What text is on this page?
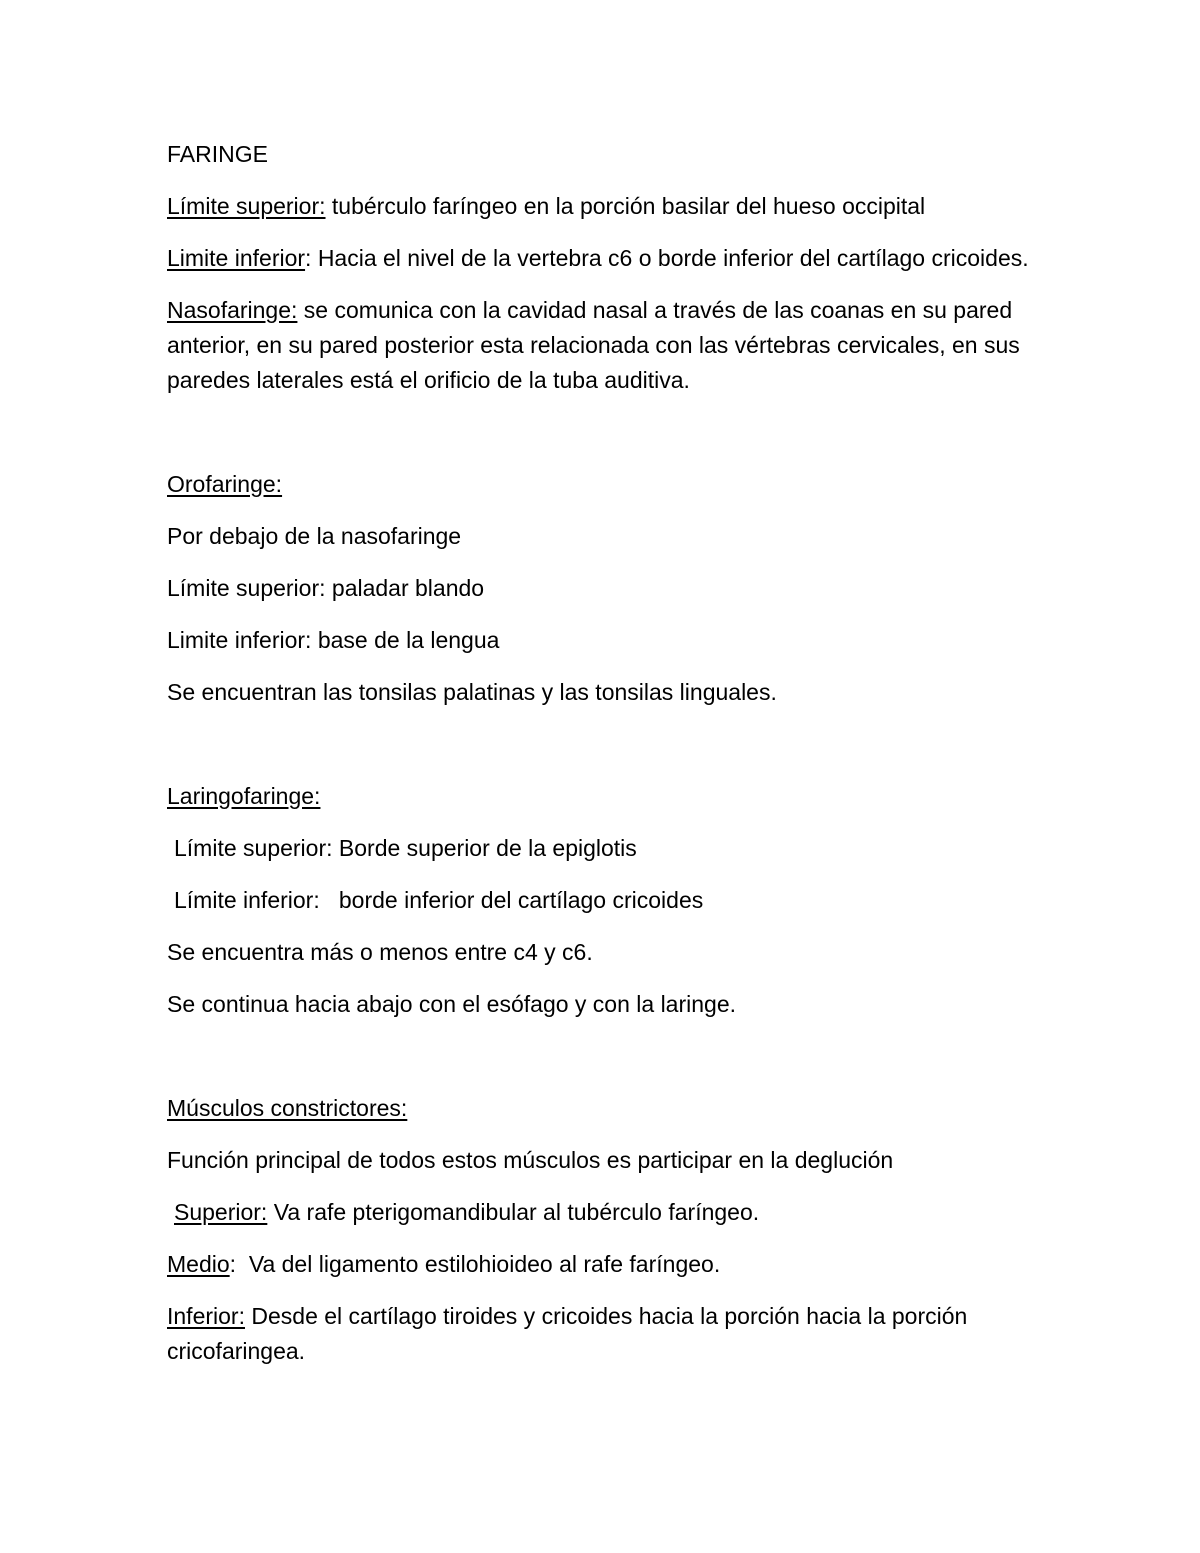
FARINGE

Límite superior: tubérculo faríngeo en la porción basilar del hueso occipital

Limite inferior: Hacia el nivel de la vertebra c6 o borde inferior del cartílago cricoides.

Nasofaringe: se comunica con la cavidad nasal a través de las coanas en su pared anterior, en su pared posterior esta relacionada con las vértebras cervicales, en sus paredes laterales está el orificio de la tuba auditiva.

Orofaringe:

Por debajo de la nasofaringe

Límite superior: paladar blando

Limite inferior: base de la lengua

Se encuentran las tonsilas palatinas y las tonsilas linguales.

Laringofaringe:

Límite superior: Borde superior de la epiglotis

Límite inferior:   borde inferior del cartílago cricoides

Se encuentra más o menos entre c4 y c6.

Se continua hacia abajo con el esófago y con la laringe.

Músculos constrictores:

Función principal de todos estos músculos es participar en la deglución

Superior: Va rafe pterigomandibular al tubérculo faríngeo.

Medio:  Va del ligamento estilohioideo al rafe faríngeo.

Inferior: Desde el cartílago tiroides y cricoides hacia la porción hacia la porción cricofaringea.
